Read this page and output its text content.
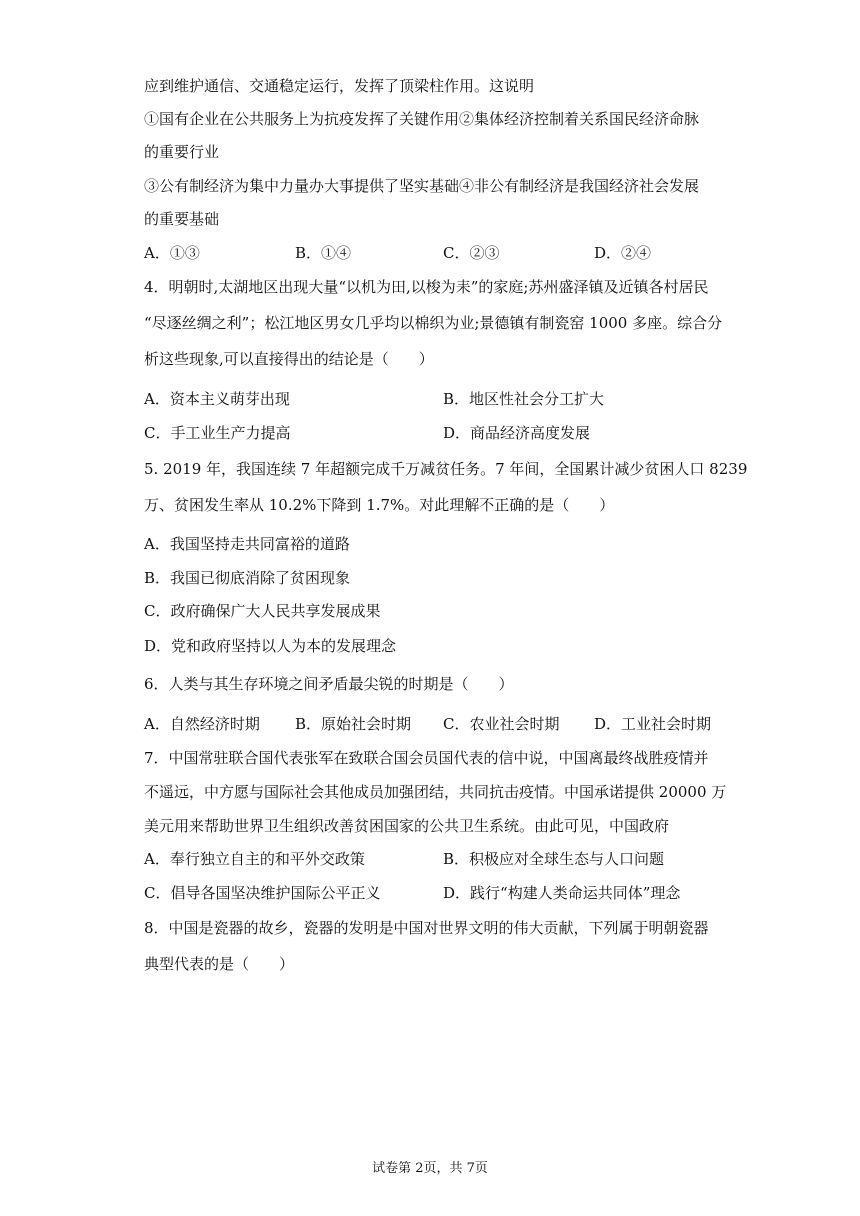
应到维护通信、交通稳定运行，发挥了顶梁柱作用。这说明
①国有企业在公共服务上为抗疫发挥了关键作用②集体经济控制着关系国民经济命脉
的重要行业
③公有制经济为集中力量办大事提供了坚实基础④非公有制经济是我国经济社会发展
的重要基础
A．①③	B．①④	C．②③	D．②④
4．明朝时,太湖地区出现大量“以机为田,以梭为耒”的家庭;苏州盛泽镇及近镇各村居民
“尽逐丝绸之利”；松江地区男女几乎均以棉织为业;景德镇有制瓷窑 1000 多座。综合分
析这些现象,可以直接得出的结论是（　　）
A．资本主义萌芽出现	B．地区性社会分工扩大
C．手工业生产力提高	D．商品经济高度发展
5. 2019 年，我国连续 7 年超额完成千万减贫任务。7 年间，全国累计减少贫困人口 8239
万、贫困发生率从 10.2%下降到 1.7%。对此理解不正确的是（　　）
A．我国坚持走共同富裕的道路
B．我国已彻底消除了贫困现象
C．政府确保广大人民共享发展成果
D．党和政府坚持以人为本的发展理念
6．人类与其生存环境之间矛盾最尖锐的时期是（　　）
A．自然经济时期 B．原始社会时期 C．农业社会时期 D．工业社会时期
7．中国常驻联合国代表张军在致联合国会员国代表的信中说，中国离最终战胜疫情并
不遥远，中方愿与国际社会其他成员加强团结，共同抗击疫情。中国承诺提供 20000 万
美元用来帮助世界卫生组织改善贫困国家的公共卫生系统。由此可见，中国政府
A．奉行独立自主的和平外交政策	B．积极应对全球生态与人口问题
C．倡导各国坚决维护国际公平正义	D．践行“构建人类命运共同体”理念
8．中国是瓷器的故乡，瓷器的发明是中国对世界文明的伟大贡献，下列属于明朝瓷器
典型代表的是（　　）
试卷第 2页，共 7页
